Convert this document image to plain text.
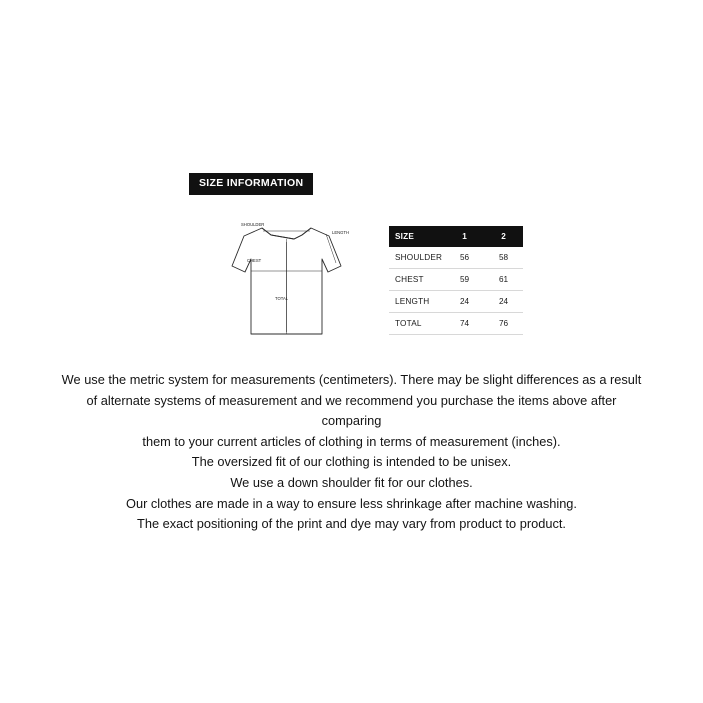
SIZE INFORMATION
SHOULDER
LENGTH
CHEST
TOTAL
SIZE	1	2
SHOULDER	56	58
CHEST	59	61
LENGTH	24	24
TOTAL	74	76

We use the metric system for measurements (centimeters). There may be slight differences as a result

of alternate systems of measurement and we recommend you purchase the items above after

comparing

them to your current articles of clothing in terms of measurement (inches).

The oversized fit of our clothing is intended to be unisex.

We use a down shoulder fit for our clothes.

Our clothes are made in a way to ensure less shrinkage after machine washing.

The exact positioning of the print and dye may vary from product to product.
